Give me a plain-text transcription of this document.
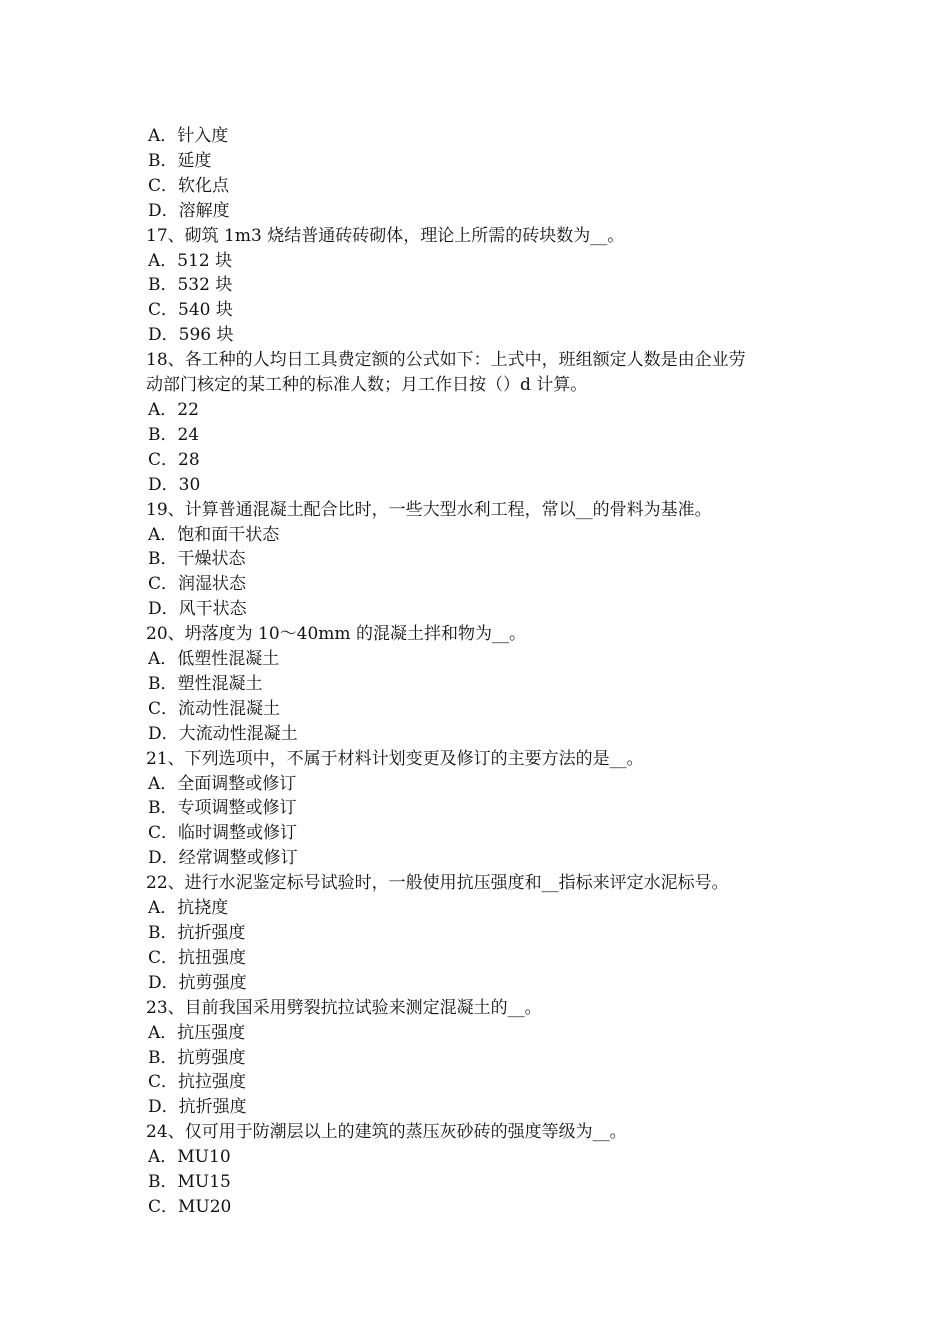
A．针入度
B．延度
C．软化点
D．溶解度
17、砌筑 1m3 烧结普通砖砖砌体，理论上所需的砖块数为__。
A．512 块
B．532 块
C．540 块
D．596 块
18、各工种的人均日工具费定额的公式如下：上式中，班组额定人数是由企业劳
动部门核定的某工种的标准人数；月工作日按（）d 计算。
A．22
B．24
C．28
D．30
19、计算普通混凝土配合比时，一些大型水利工程，常以__的骨料为基准。
A．饱和面干状态
B．干燥状态
C．润湿状态
D．风干状态
20、坍落度为 10～40mm 的混凝土拌和物为__。
A．低塑性混凝土
B．塑性混凝土
C．流动性混凝土
D．大流动性混凝土
21、下列选项中，不属于材料计划变更及修订的主要方法的是__。
A．全面调整或修订
B．专项调整或修订
C．临时调整或修订
D．经常调整或修订
22、进行水泥鉴定标号试验时，一般使用抗压强度和__指标来评定水泥标号。
A．抗挠度
B．抗折强度
C．抗扭强度
D．抗剪强度
23、目前我国采用劈裂抗拉试验来测定混凝土的__。
A．抗压强度
B．抗剪强度
C．抗拉强度
D．抗折强度
24、仅可用于防潮层以上的建筑的蒸压灰砂砖的强度等级为__。
A．MU10
B．MU15
C．MU20
